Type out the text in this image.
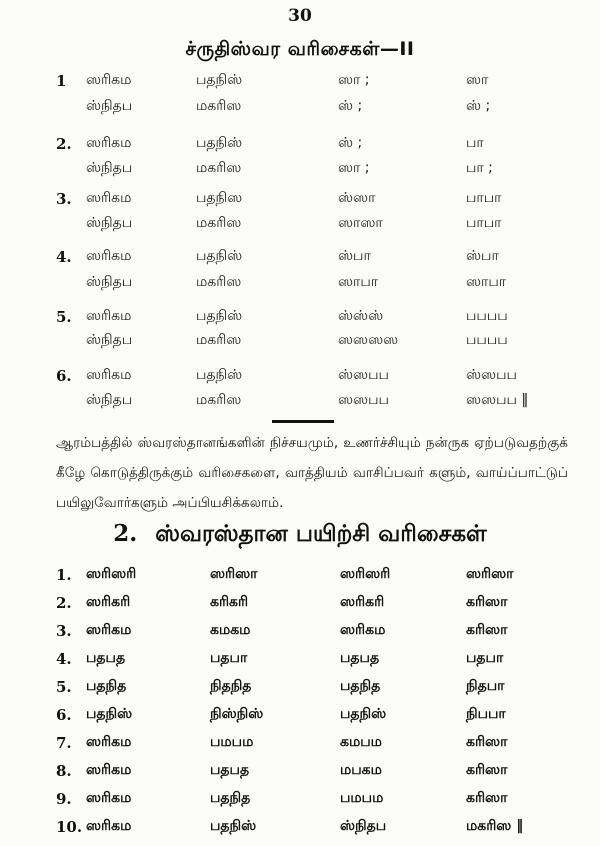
30
ச்ருதிஸ்வர வரிசைகள்—II
1 ஸரிகம	பதநிஸ்	ஸா ;	ஸா
ஸ்நிதப	மகரிஸ	ஸ் ;	ஸ் ;
2. ஸரிகம	பதநிஸ்	ஸ் ;	பா
ஸ்நிதப	மகரிஸ	ஸா ;	பா ;
3. ஸரிகம	பதநிஸ	ஸ்ஸா	பாபா
ஸ்நிதப	மகரிஸ	ஸாஸா	பாபா
4. ஸரிகம	பதநிஸ்	ஸ்பா	ஸ்பா
ஸ்நிதப	மகரிஸ	ஸாபா	ஸாபா
5. ஸரிகம	பதநிஸ்	ஸ்ஸ்ஸ்	பபபப
ஸ்நிதப	மகரிஸ	ஸஸஸஸ	பபபப
6. ஸரிகம	பதநிஸ்	ஸ்ஸபப	ஸ்ஸபப
ஸ்நிதப	மகரிஸ	ஸஸபப	ஸஸபப ‖
ஆரம்பத்தில் ஸ்வரஸ்தானங்களின் நிச்சயமும், உணர்ச்சியும் நன்ருக ஏற்படுவதற்குக் கீழே கொடுத்திருக்கும் வரிசைகளை, வாத்தியம் வாசிப்பவர் களும், வாய்ப்பாட்டுப் பயிலுவோர்களும் அப்பியசிக்கலாம்.
2. ஸ்வரஸ்தான பயிற்சி வரிசைகள்
1. ஸரிஸரி	ஸரிஸா	ஸரிஸரி	ஸரிஸா
2. ஸரிகரி	கரிகரி	ஸரிகரி	கரிஸா
3. ஸரிகம	கமகம	ஸரிகம	கரிஸா
4. பதபத	பதபா	பதபத	பதபா
5. பதநித	நிதநித	பதநித	நிதபா
6. பதநிஸ்	நிஸ்நிஸ்	பதநிஸ்	நிபபா
7. ஸரிகம	பமபம	கமபம	கரிஸா
8. ஸரிகம	பதபத	மபகம	கரிஸா
9. ஸரிகம	பதநித	பமபம	கரிஸா
10. ஸரிகம	பதநிஸ்	ஸ்நிதப	மகரிஸ ‖
